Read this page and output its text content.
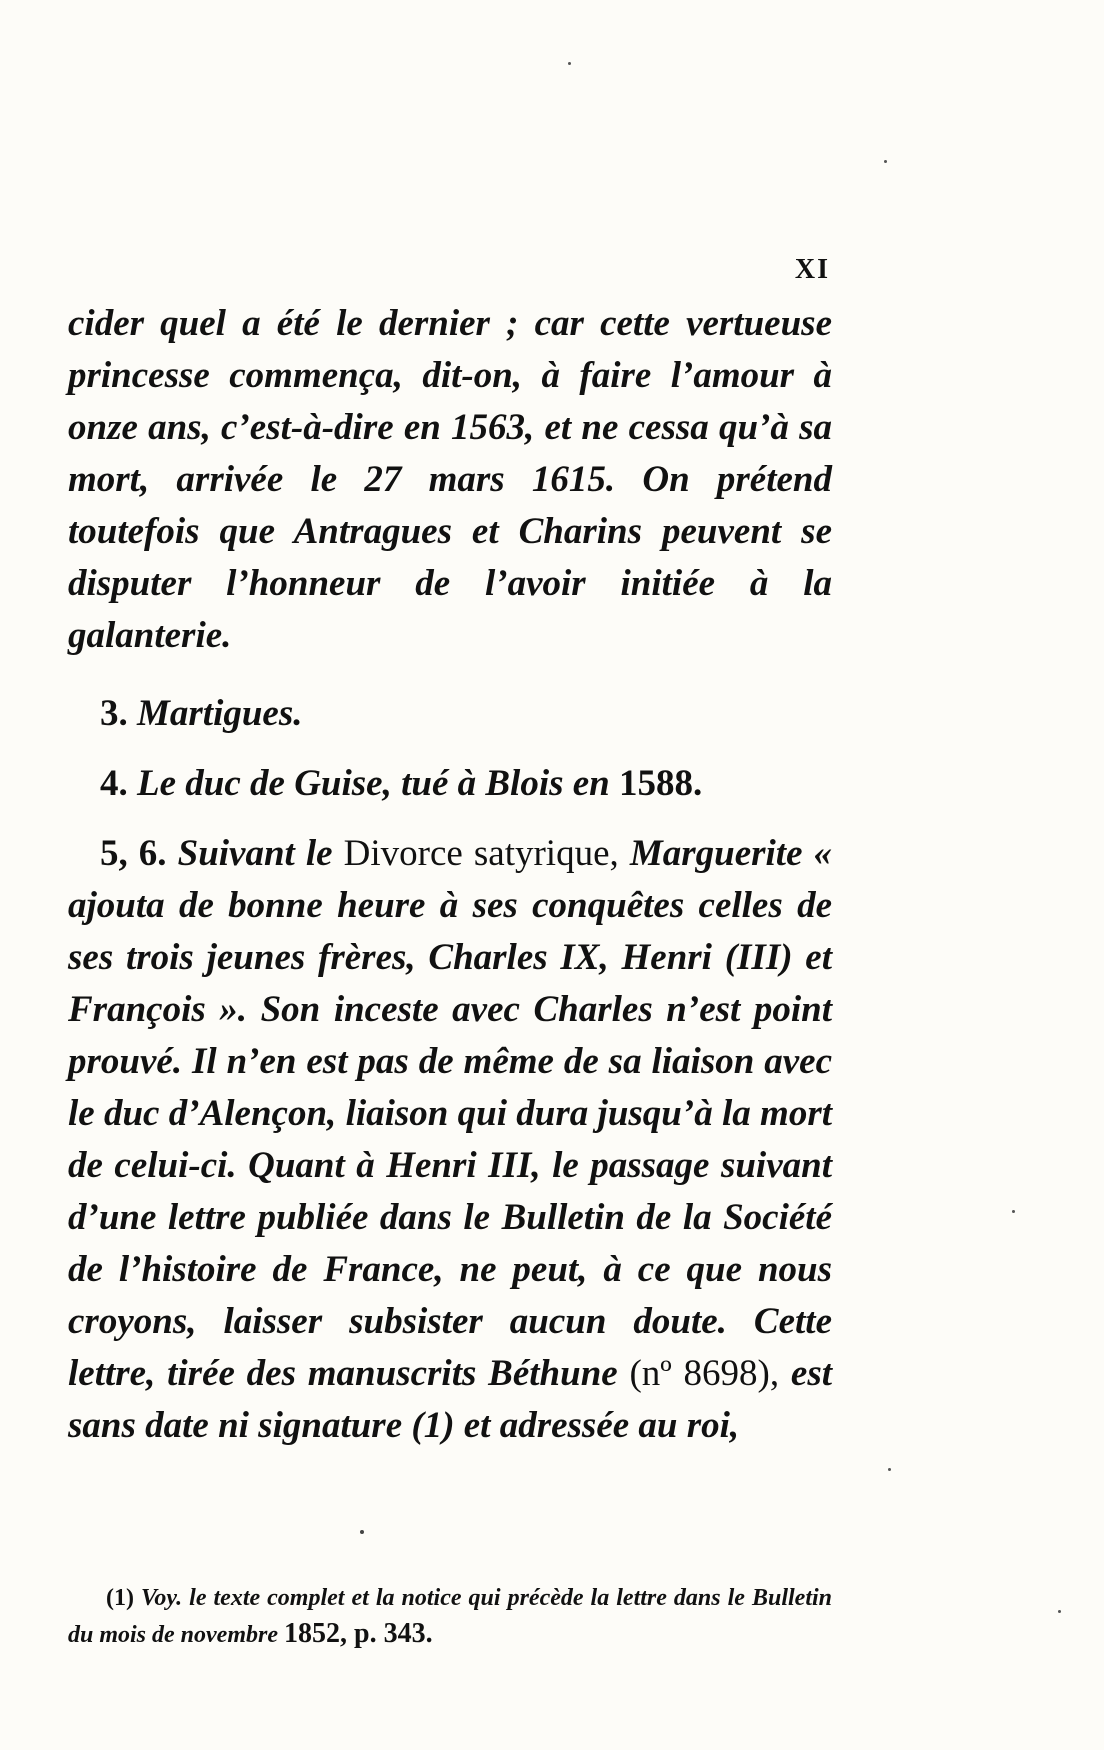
XI

cider quel a été le dernier ; car cette vertueuse princesse commença, dit-on, à faire l’amour à onze ans, c’est-à-dire en 1563, et ne cessa qu’à sa mort, arrivée le 27 mars 1615. On prétend toutefois que Antragues et Charins peuvent se disputer l’honneur de l’avoir initiée à la galanterie.

3. Martigues.

4. Le duc de Guise, tué à Blois en 1588.

5, 6. Suivant le Divorce satyrique, Marguerite « ajouta de bonne heure à ses conquêtes celles de ses trois jeunes frères, Charles IX, Henri (III) et François ». Son inceste avec Charles n’est point prouvé. Il n’en est pas de même de sa liaison avec le duc d’Alençon, liaison qui dura jusqu’à la mort de celui-ci. Quant à Henri III, le passage suivant d’une lettre publiée dans le Bulletin de la Société de l’histoire de France, ne peut, à ce que nous croyons, laisser subsister aucun doute. Cette lettre, tirée des manuscrits Béthune (nº 8698), est sans date ni signature (1) et adressée au roi,

(1) Voy. le texte complet et la notice qui précède la lettre dans le Bulletin du mois de novembre 1852, p. 343.
